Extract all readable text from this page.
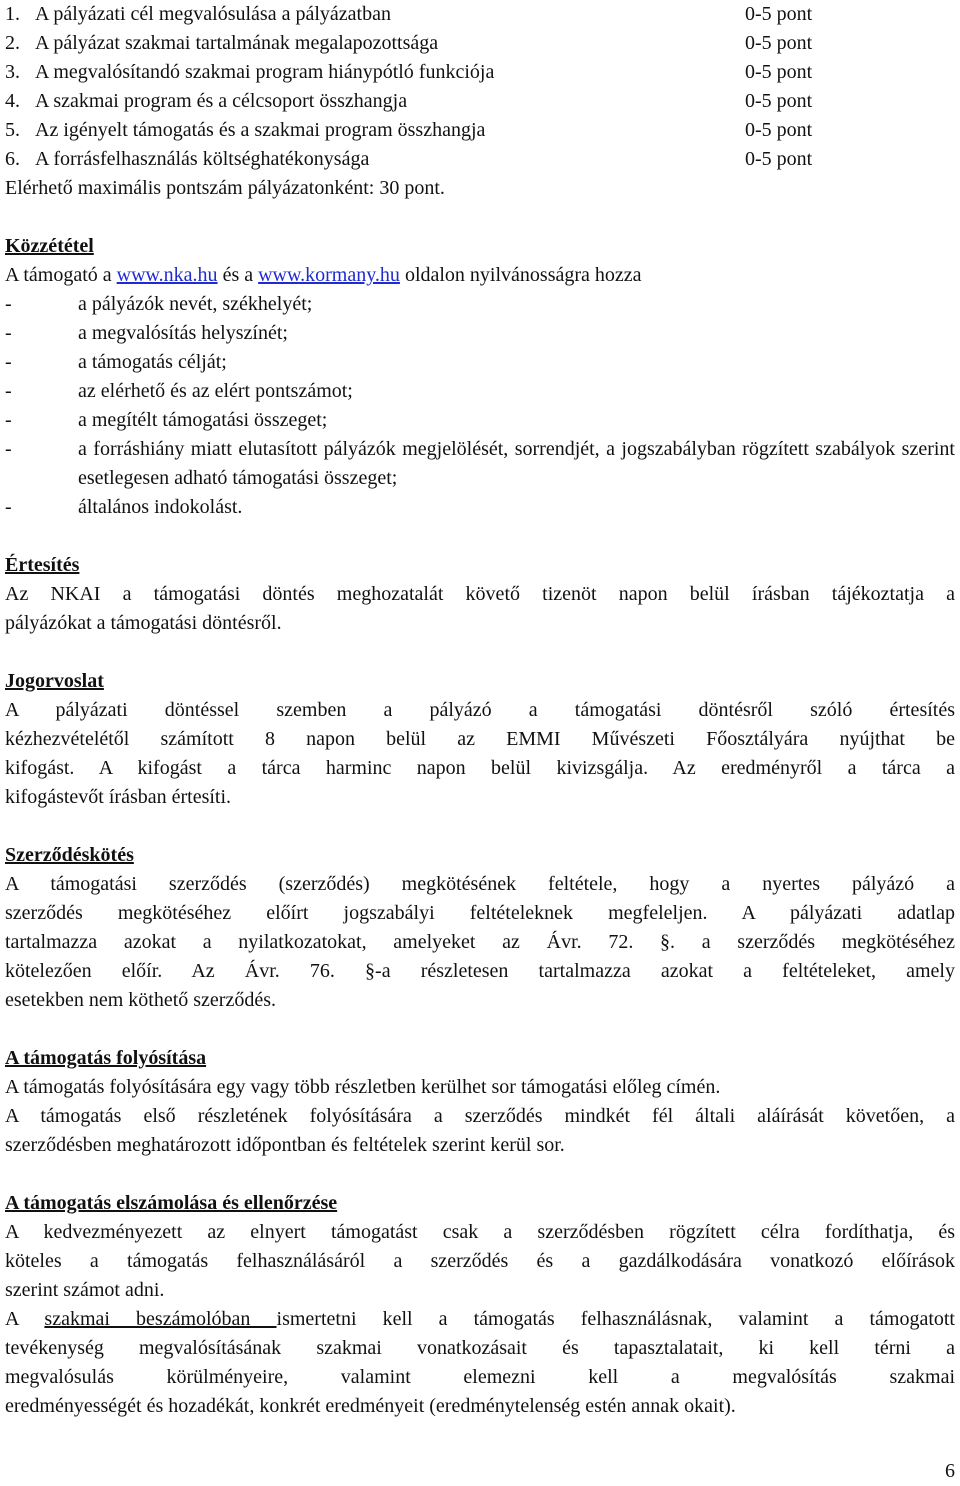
1. A pályázati cél megvalósulása a pályázatban	0-5 pont
2. A pályázat szakmai tartalmának megalapozottsága	0-5 pont
3. A megvalósítandó szakmai program hiánypótló funkciója	0-5 pont
4. A szakmai program és a célcsoport összhangja	0-5 pont
5. Az igényelt támogatás és a szakmai program összhangja	0-5 pont
6. A forrásfelhasználás költséghatékonysága	0-5 pont
Elérhető maximális pontszám pályázatonként: 30 pont.
Közzététel
A támogató a www.nka.hu és a www.kormany.hu oldalon nyilvánosságra hozza
-	a pályázók nevét, székhelyét;
-	a megvalósítás helyszínét;
-	a támogatás célját;
-	az elérhető és az elért pontszámot;
-	a megítélt támogatási összeget;
-	a forráshiány miatt elutasított pályázók megjelölését, sorrendjét, a jogszabályban rögzített szabályok szerint esetlegesen adható támogatási összeget;
-	általános indokolást.
Értesítés
Az NKAI a támogatási döntés meghozatalát követő tizenöt napon belül írásban tájékoztatja a
pályázókat a támogatási döntésről.
Jogorvoslat
A pályázati döntéssel szemben a pályázó a támogatási döntésről szóló értesítés
kézhezvételétől számított 8 napon belül az EMMI Művészeti Főosztályára nyújthat be
kifogást. A kifogást a tárca harminc napon belül kivizsgálja. Az eredményről a tárca a
kifogástevőt írásban értesíti.
Szerződéskötés
A támogatási szerződés (szerződés) megkötésének feltétele, hogy a nyertes pályázó a
szerződés megkötéséhez előírt jogszabályi feltételeknek megfeleljen. A pályázati adatlap
tartalmazza azokat a nyilatkozatokat, amelyeket az Ávr. 72. §. a szerződés megkötéséhez
kötelezően előír. Az Ávr. 76. §-a részletesen tartalmazza azokat a feltételeket, amely
esetekben nem köthető szerződés.
A támogatás folyósítása
A támogatás folyósítására egy vagy több részletben kerülhet sor támogatási előleg címén.
A támogatás első részletének folyósítására a szerződés mindkét fél általi aláírását követően, a
szerződésben meghatározott időpontban és feltételek szerint kerül sor.
A támogatás elszámolása és ellenőrzése
A kedvezményezett az elnyert támogatást csak a szerződésben rögzített célra fordíthatja, és
köteles a támogatás felhasználásáról a szerződés és a gazdálkodására vonatkozó előírások
szerint számot adni.
A szakmai beszámolóban ismertetni kell a támogatás felhasználásnak, valamint a támogatott
tevékenység megvalósításának szakmai vonatkozásait és tapasztalatait, ki kell térni a
megvalósulás körülményeire, valamint elemezni kell a megvalósítás szakmai
eredményességét és hozadékát, konkrét eredményeit (eredménytelenség estén annak okait).
6
